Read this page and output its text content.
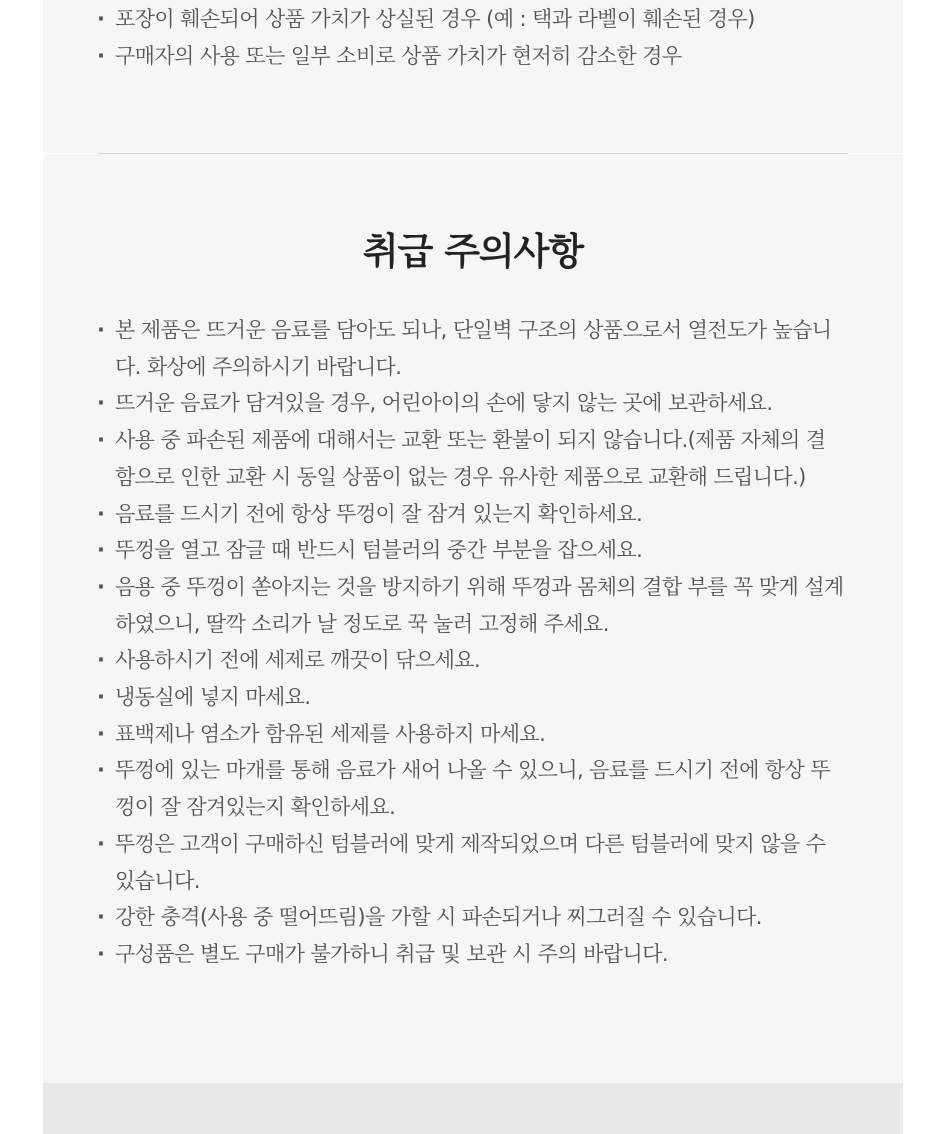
· 포장이 훼손되어 상품 가치가 상실된 경우 (예 : 택과 라벨이 훼손된 경우)
· 구매자의 사용 또는 일부 소비로 상품 가치가 현저히 감소한 경우
취급 주의사항
· 본 제품은 뜨거운 음료를 담아도 되나, 단일벽 구조의 상품으로서 열전도가 높습니다. 화상에 주의하시기 바랍니다.
· 뜨거운 음료가 담겨있을 경우, 어린아이의 손에 닿지 않는 곳에 보관하세요.
· 사용 중 파손된 제품에 대해서는 교환 또는 환불이 되지 않습니다.(제품 자체의 결함으로 인한 교환 시 동일 상품이 없는 경우 유사한 제품으로 교환해 드립니다.)
· 음료를 드시기 전에 항상 뚜껑이 잘 잠겨 있는지 확인하세요.
· 뚜껑을 열고 잠글 때 반드시 텀블러의 중간 부분을 잡으세요.
· 음용 중 뚜껑이 쏟아지는 것을 방지하기 위해 뚜껑과 몸체의 결합 부를 꼭 맞게 설계하였으니, 딸깍 소리가 날 정도로 꾹 눌러 고정해 주세요.
· 사용하시기 전에 세제로 깨끗이 닦으세요.
· 냉동실에 넣지 마세요.
· 표백제나 염소가 함유된 세제를 사용하지 마세요.
· 뚜껑에 있는 마개를 통해 음료가 새어 나올 수 있으니, 음료를 드시기 전에 항상 뚜껑이 잘 잠겨있는지 확인하세요.
· 뚜껑은 고객이 구매하신 텀블러에 맞게 제작되었으며 다른 텀블러에 맞지 않을 수 있습니다.
· 강한 충격(사용 중 떨어뜨림)을 가할 시 파손되거나 찌그러질 수 있습니다.
· 구성품은 별도 구매가 불가하니 취급 및 보관 시 주의 바랍니다.
